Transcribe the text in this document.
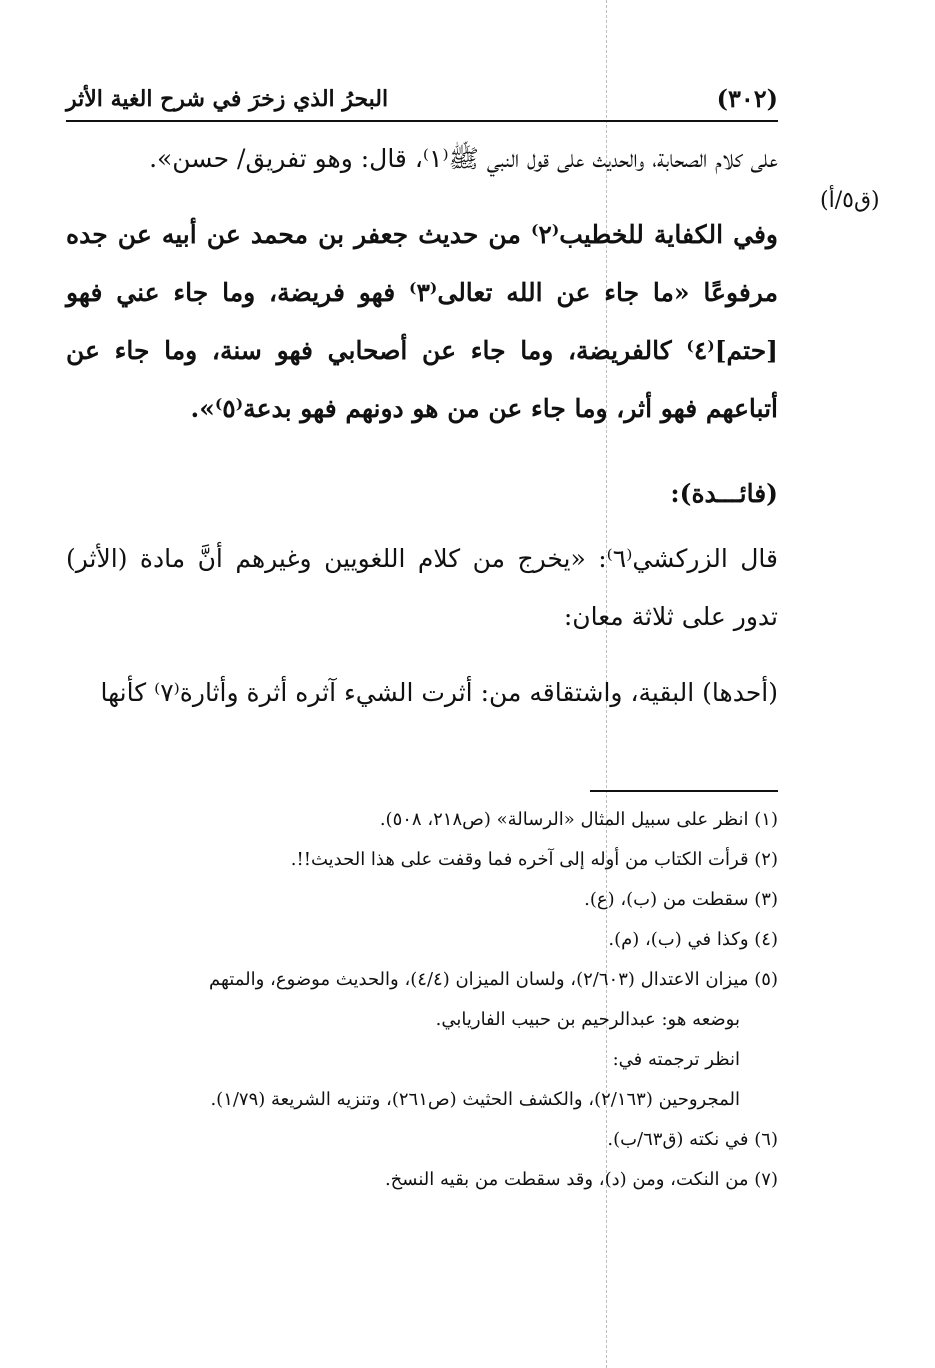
(٣٠٢)
البحرُ الذي زخرَ في شرح الغية الأثر
(ق٥/أ)

على كلام الصحابة، والحديث على قول النبي ﷺ⁽١⁾، قال: وهو تفريق/ حسن».

وفي الكفاية للخطيب⁽٢⁾ من حديث جعفر بن محمد عن أبيه عن جده مرفوعًا «ما جاء عن الله تعالى⁽٣⁾ فهو فريضة، وما جاء عني فهو [حتم]⁽٤⁾ كالفريضة، وما جاء عن أصحابي فهو سنة، وما جاء عن أتباعهم فهو أثر، وما جاء عن من هو دونهم فهو بدعة⁽٥⁾».

(فائـــدة):

قال الزركشي⁽٦⁾: «يخرج من كلام اللغويين وغيرهم أنَّ مادة (الأثر) تدور على ثلاثة معان:

(أحدها) البقية، واشتقاقه من: أثرت الشيء آثره أثرة وأثارة⁽٧⁾ كأنها

(١) انظر على سبيل المثال «الرسالة» (ص٢١٨، ٥٠٨).

(٢) قرأت الكتاب من أوله إلى آخره فما وقفت على هذا الحديث!!.

(٣) سقطت من (ب)، (ع).

(٤) وكذا في (ب)، (م).

(٥) ميزان الاعتدال (٢/٦٠٣)، ولسان الميزان (٤/٤)، والحديث موضوع، والمتهم

بوضعه هو: عبدالرحيم بن حبيب الفاريابي.

انظر ترجمته في:

المجروحين (٢/١٦٣)، والكشف الحثيث (ص٢٦١)، وتنزيه الشريعة (١/٧٩).

(٦) في نكته (ق٦٣/ب).

(٧) من النكت، ومن (د)، وقد سقطت من بقيه النسخ.
